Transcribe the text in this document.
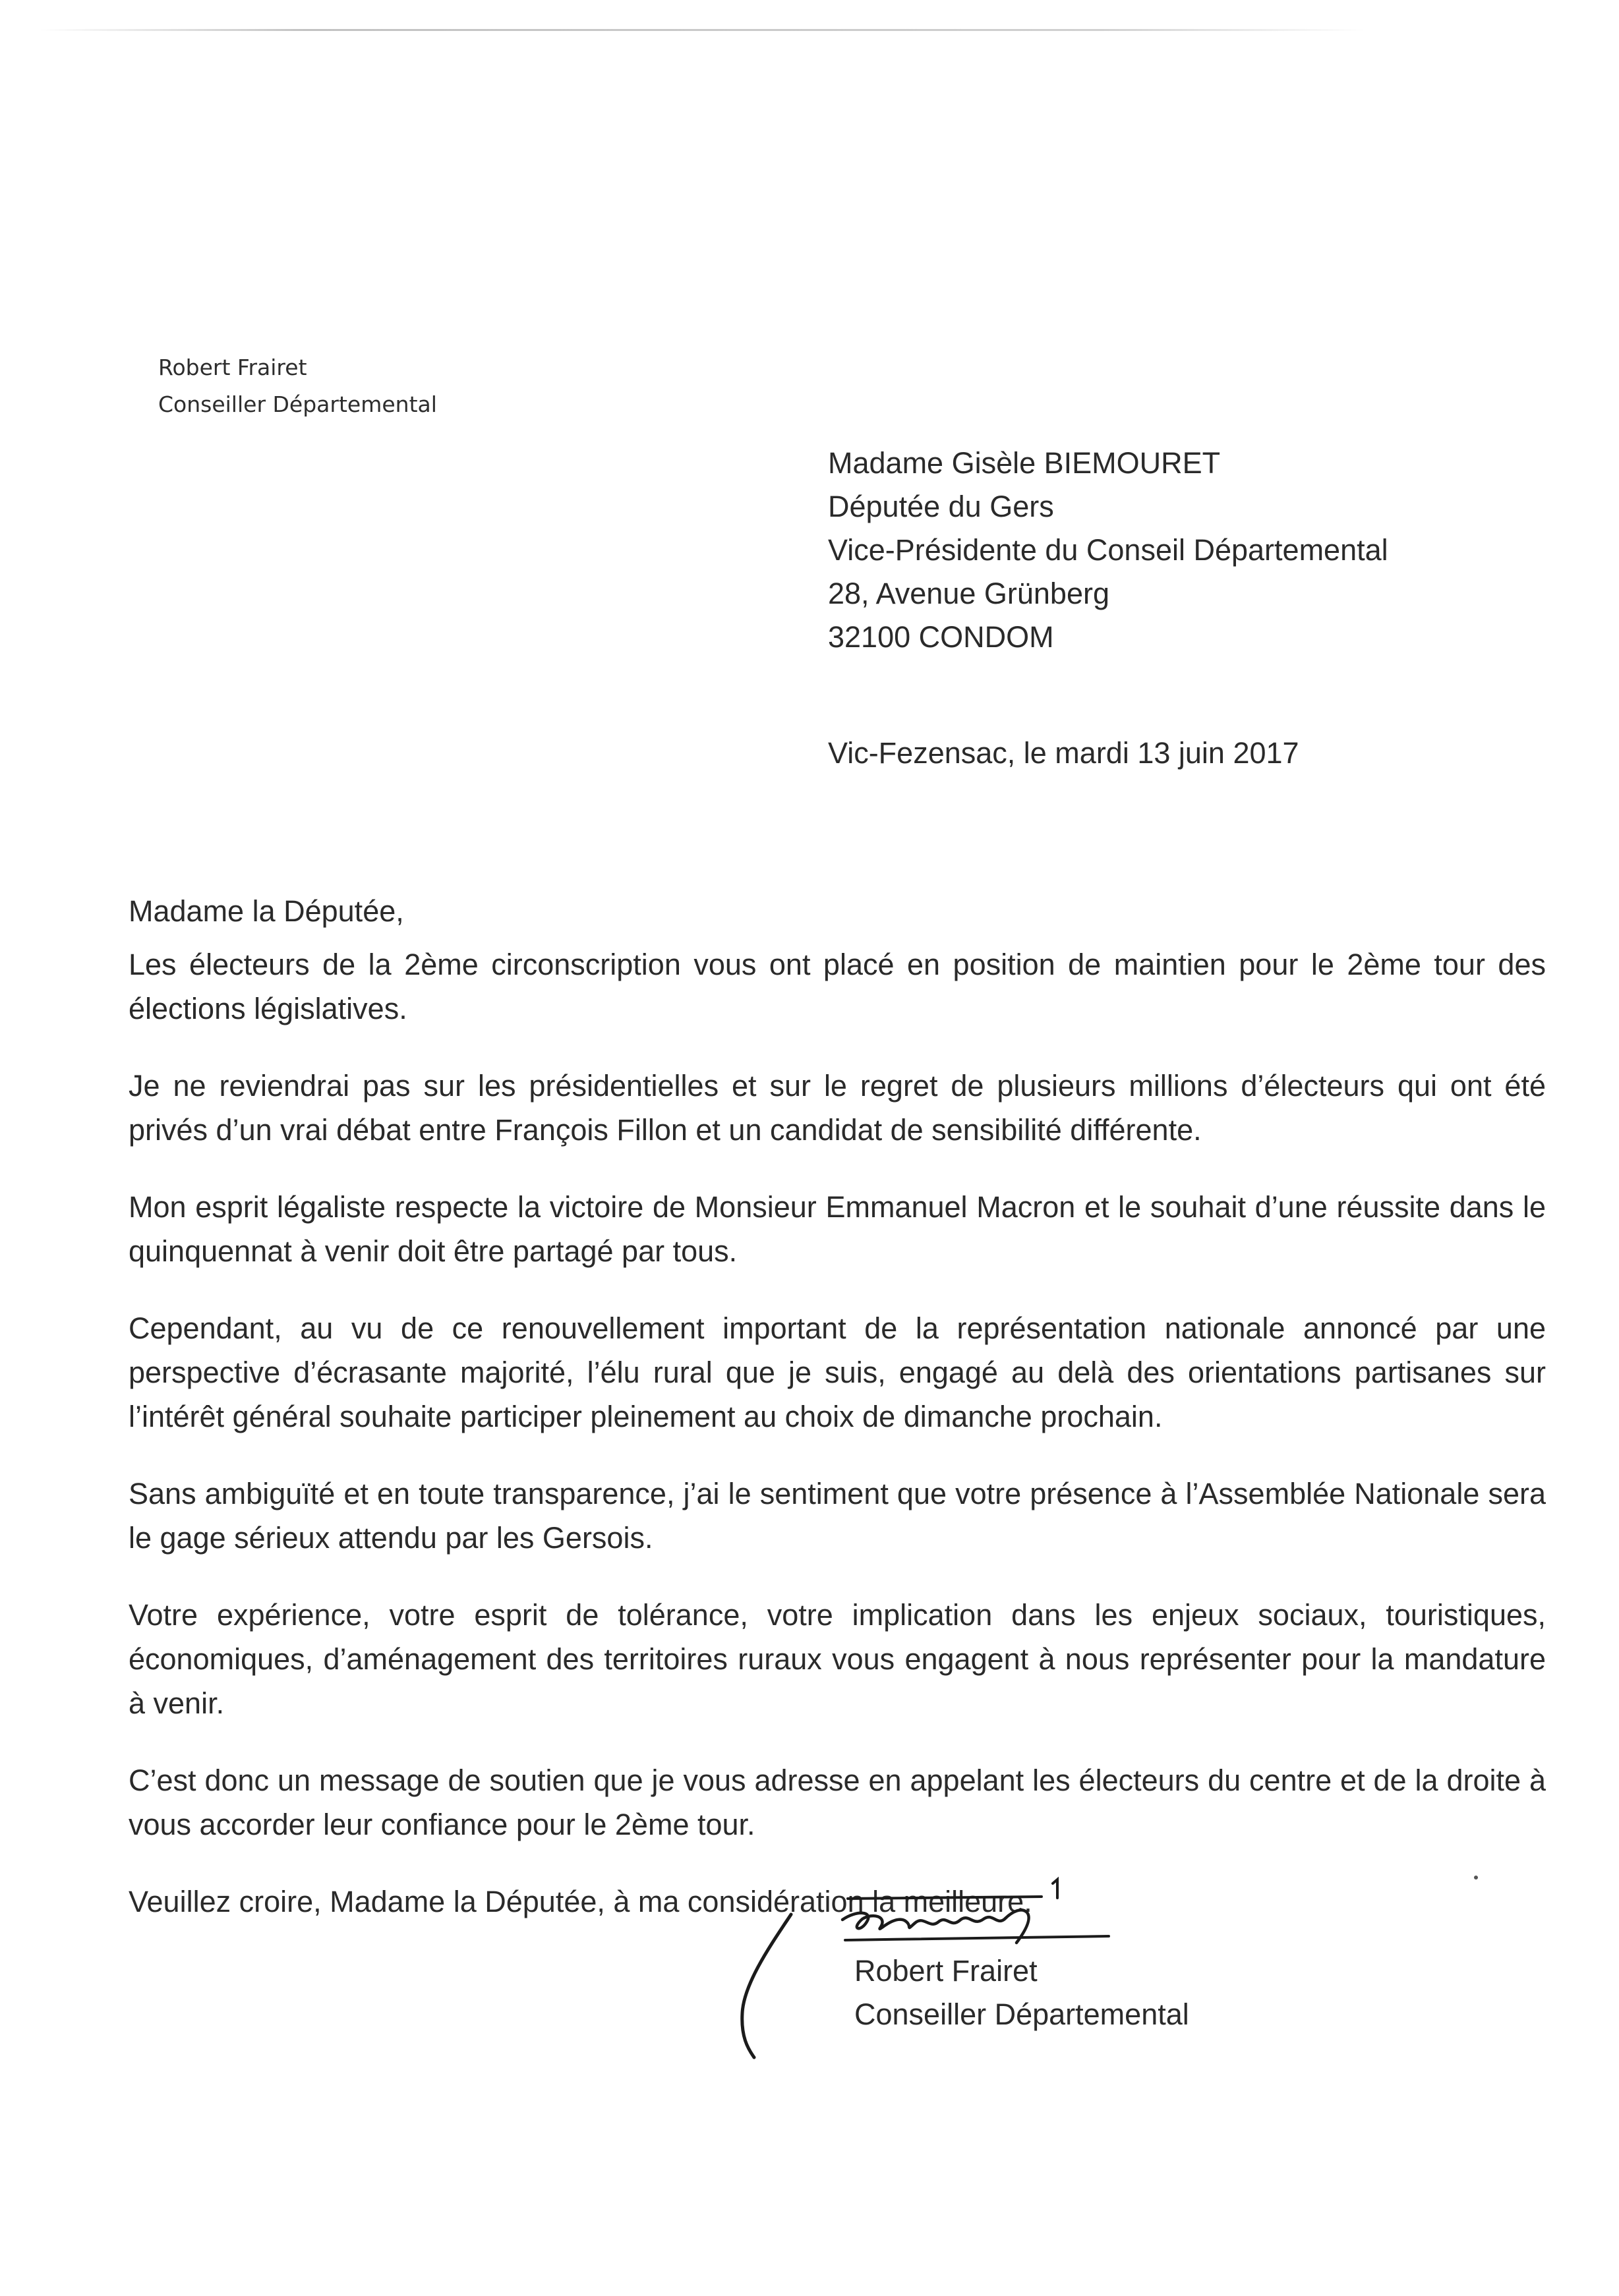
Robert Frairet
Conseiller Départemental
Madame Gisèle BIEMOURET
Députée du Gers
Vice-Présidente du Conseil Départemental
28, Avenue Grünberg
32100 CONDOM
Vic-Fezensac, le mardi 13 juin 2017
Madame la Députée,

Les électeurs de la 2ème circonscription vous ont placé en position de maintien pour le 2ème tour des élections législatives.

Je ne reviendrai pas sur les présidentielles et sur le regret de plusieurs millions d’électeurs qui ont été privés d’un vrai débat entre François Fillon et un candidat de sensibilité différente.

Mon esprit légaliste respecte la victoire de Monsieur Emmanuel Macron et le souhait d’une réussite dans le quinquennat à venir doit être partagé par tous.

Cependant, au vu de ce renouvellement important de la représentation nationale annoncé par une perspective d’écrasante majorité, l’élu rural que je suis, engagé au delà des orientations partisanes sur l’intérêt général souhaite participer pleinement au choix de dimanche prochain.

Sans ambiguïté et en toute transparence, j’ai le sentiment que votre présence à l’Assemblée Nationale sera le gage sérieux attendu par les Gersois.

Votre expérience, votre esprit de tolérance, votre implication dans les enjeux sociaux, touristiques, économiques, d’aménagement des territoires ruraux vous engagent à nous représenter pour la mandature à venir.

C’est donc un message de soutien que je vous adresse en appelant les électeurs du centre et de la droite à vous accorder leur confiance pour le 2ème tour.

Veuillez croire, Madame la Députée, à ma considération la meilleure.

Robert Frairet
Conseiller Départemental
